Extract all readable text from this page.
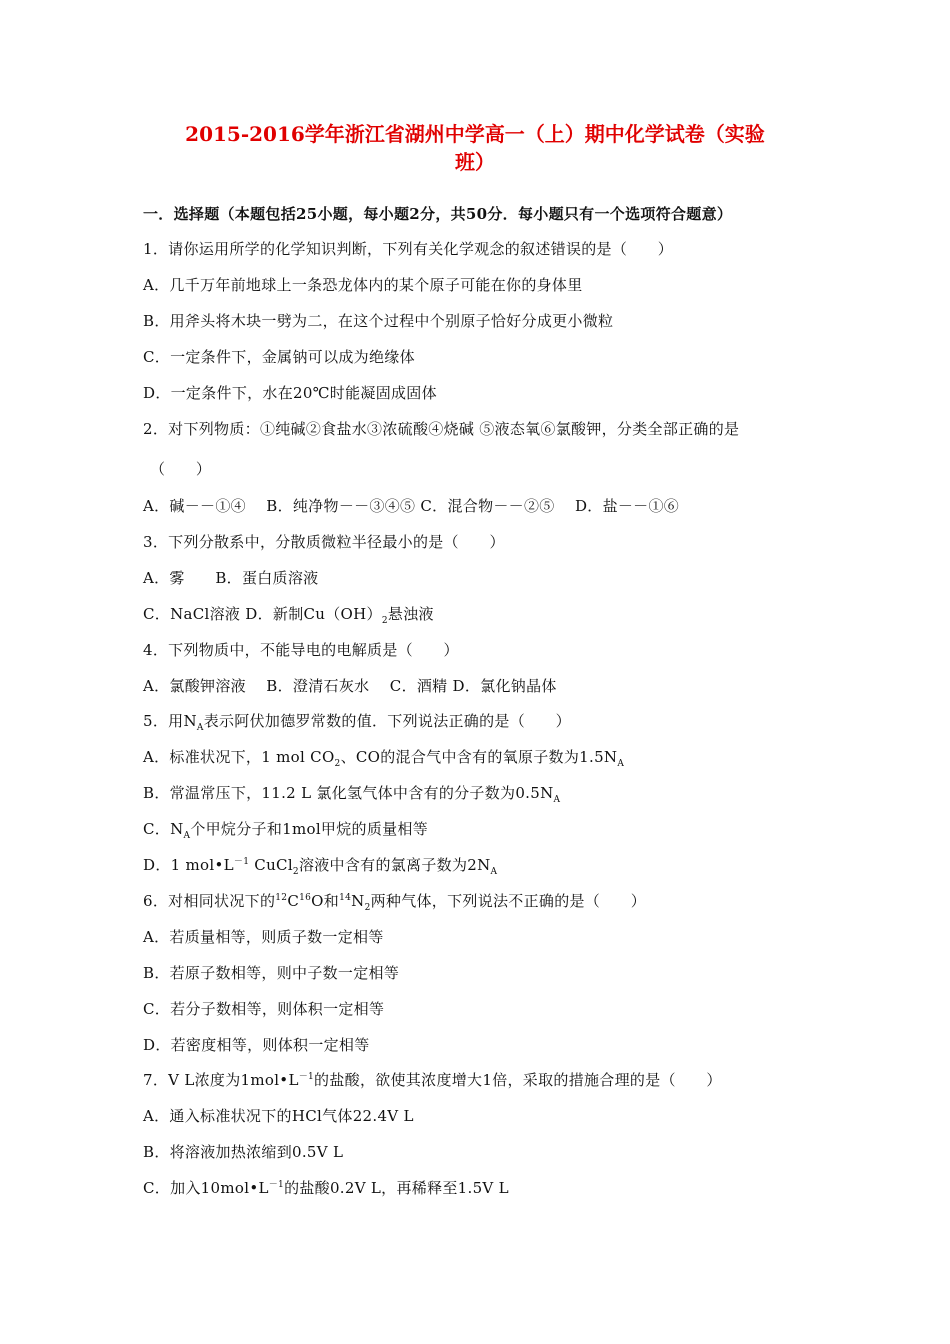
2015-2016学年浙江省湖州中学高一（上）期中化学试卷（实验
班）
一．选择题（本题包括25小题，每小题2分，共50分．每小题只有一个选项符合题意）
1．请你运用所学的化学知识判断，下列有关化学观念的叙述错误的是（　　）
A．几千万年前地球上一条恐龙体内的某个原子可能在你的身体里
B．用斧头将木块一劈为二，在这个过程中个别原子恰好分成更小微粒
C．一定条件下，金属钠可以成为绝缘体
D．一定条件下，水在20℃时能凝固成固体
2．对下列物质：①纯碱②食盐水③浓硫酸④烧碱 ⑤液态氧⑥氯酸钾，分类全部正确的是
（　　）
A．碱－－①④　 B．纯净物－－③④⑤ C．混合物－－②⑤　 D．盐－－①⑥
3．下列分散系中，分散质微粒半径最小的是（　　）
A．雾　　B．蛋白质溶液
C．NaCl溶液 D．新制$Cu(OH)_2$悬浊液
4．下列物质中，不能导电的电解质是（　　）
A．氯酸钾溶液　 B．澄清石灰水　 C．酒精 D．氯化钠晶体
5．用$N_A$表示阿伏加德罗常数的值．下列说法正确的是（　　）
A．标准状况下，1 mol $CO_2$、CO的混合气中含有的氧原子数为$1.5N_A$
B．常温常压下，11.2 L 氯化氢气体中含有的分子数为$0.5N_A$
C．$N_A$个甲烷分子和1mol甲烷的质量相等
D．1 $mol•L^{-1}$ CuCl$_2$溶液中含有的氯离子数为$2N_A$
6．对相同状况下的$^{12}C^{16}O$和$^{14}N_2$两种气体，下列说法不正确的是（　　）
A．若质量相等，则质子数一定相等
B．若原子数相等，则中子数一定相等
C．若分子数相等，则体积一定相等
D．若密度相等，则体积一定相等
7．V L浓度为$1mol•L^{-1}$的盐酸，欲使其浓度增大1倍，采取的措施合理的是（　　）
A．通入标准状况下的HCl气体22.4V L
B．将溶液加热浓缩到0.5V L
C．加入$10mol•L^{-1}$的盐酸0.2V L，再稀释至1.5V L
